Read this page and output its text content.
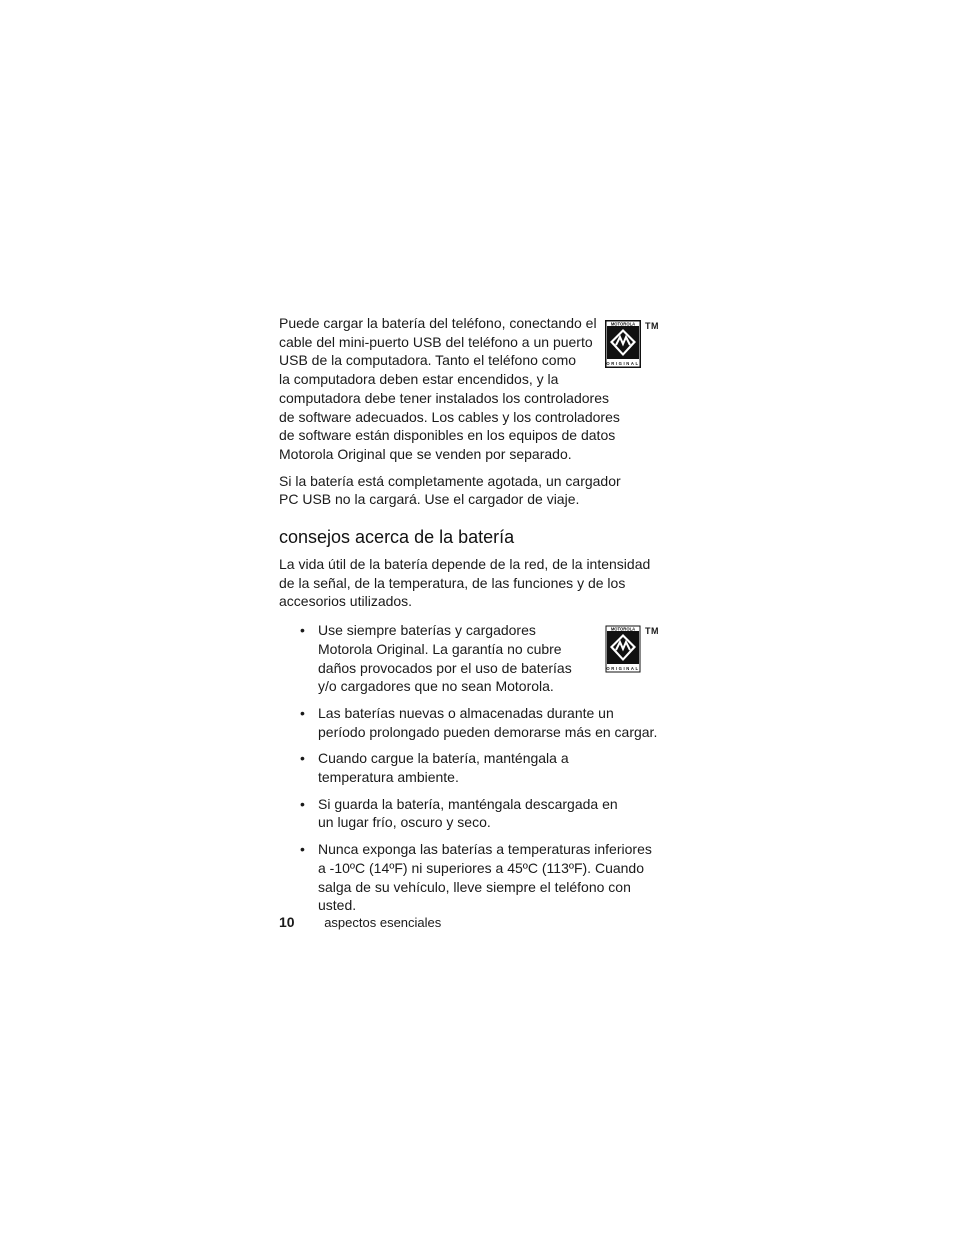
MOTOROLA
ORIGINAL
TM
MOTOROLA
ORIGINAL
TM

Puede cargar la batería del teléfono, conectando el
cable del mini-puerto USB del teléfono a un puerto
USB de la computadora. Tanto el teléfono como
la computadora deben estar encendidos, y la
computadora debe tener instalados los controladores
de software adecuados. Los cables y los controladores
de software están disponibles en los equipos de datos
Motorola Original que se venden por separado.

Si la batería está completamente agotada, un cargador PC USB no la cargará. Use el cargador de viaje.

consejos acerca de la batería

La vida útil de la batería depende de la red, de la intensidad de la señal, de la temperatura, de las funciones y de los accesorios utilizados.

• Use siempre baterías y cargadores Motorola Original. La garantía no cubre daños provocados por el uso de baterías y/o cargadores que no sean Motorola.
• Las baterías nuevas o almacenadas durante un período prolongado pueden demorarse más en cargar.
• Cuando cargue la batería, manténgala a temperatura ambiente.
• Si guarda la batería, manténgala descargada en un lugar frío, oscuro y seco.
• Nunca exponga las baterías a temperaturas inferiores a -10ºC (14ºF) ni superiores a 45ºC (113ºF). Cuando salga de su vehículo, lleve siempre el teléfono con usted.
10 aspectos esenciales
